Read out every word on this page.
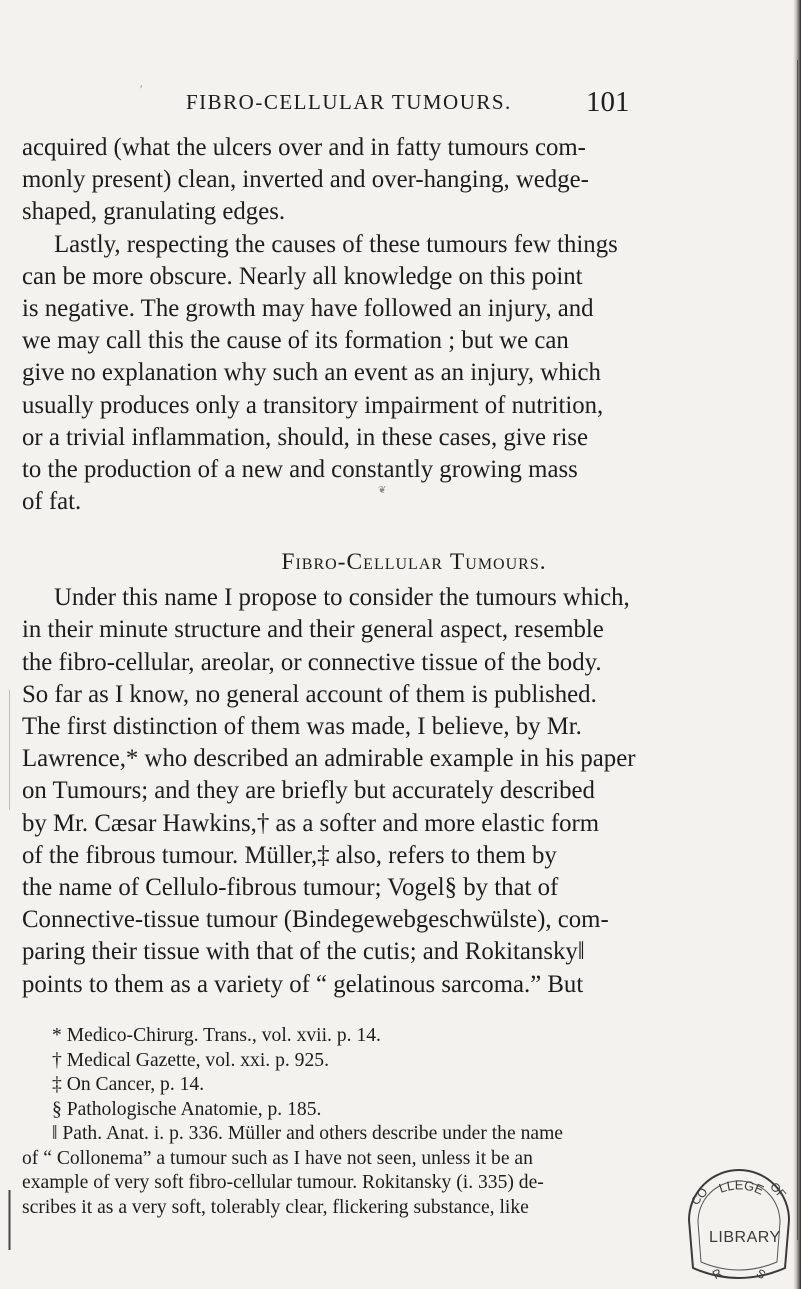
′
FIBRO-CELLULAR TUMOURS.	101
acquired (what the ulcers over and in fatty tumours com-
monly present) clean, inverted and over-hanging, wedge-
shaped, granulating edges.
Lastly, respecting the causes of these tumours few things
can be more obscure. Nearly all knowledge on this point
is negative. The growth may have followed an injury, and
we may call this the cause of its formation ; but we can
give no explanation why such an event as an injury, which
usually produces only a transitory impairment of nutrition,
or a trivial inflammation, should, in these cases, give rise
to the production of a new and constantly growing mass
of fat.
Fibro-Cellular Tumours.
Under this name I propose to consider the tumours which,
in their minute structure and their general aspect, resemble
the fibro-cellular, areolar, or connective tissue of the body.
So far as I know, no general account of them is published.
The first distinction of them was made, I believe, by Mr.
Lawrence,* who described an admirable example in his paper
on Tumours; and they are briefly but accurately described
by Mr. Cæsar Hawkins,† as a softer and more elastic form
of the fibrous tumour. Müller,‡ also, refers to them by
the name of Cellulo-fibrous tumour; Vogel§ by that of
Connective-tissue tumour (Bindegewebgeschwülste), com-
paring their tissue with that of the cutis; and Rokitansky‖
points to them as a variety of “ gelatinous sarcoma.” But
❦
* Medico-Chirurg. Trans., vol. xvii. p. 14.
† Medical Gazette, vol. xxi. p. 925.
‡ On Cancer, p. 14.
§ Pathologische Anatomie, p. 185.
‖ Path. Anat. i. p. 336. Müller and others describe under the name
of “ Collonema” a tumour such as I have not seen, unless it be an
example of very soft fibro-cellular tumour. Rokitansky (i. 335) de-
scribes it as a very soft, tolerably clear, flickering substance, like
LLEGE
CO	OF
LIBRARY
R S
